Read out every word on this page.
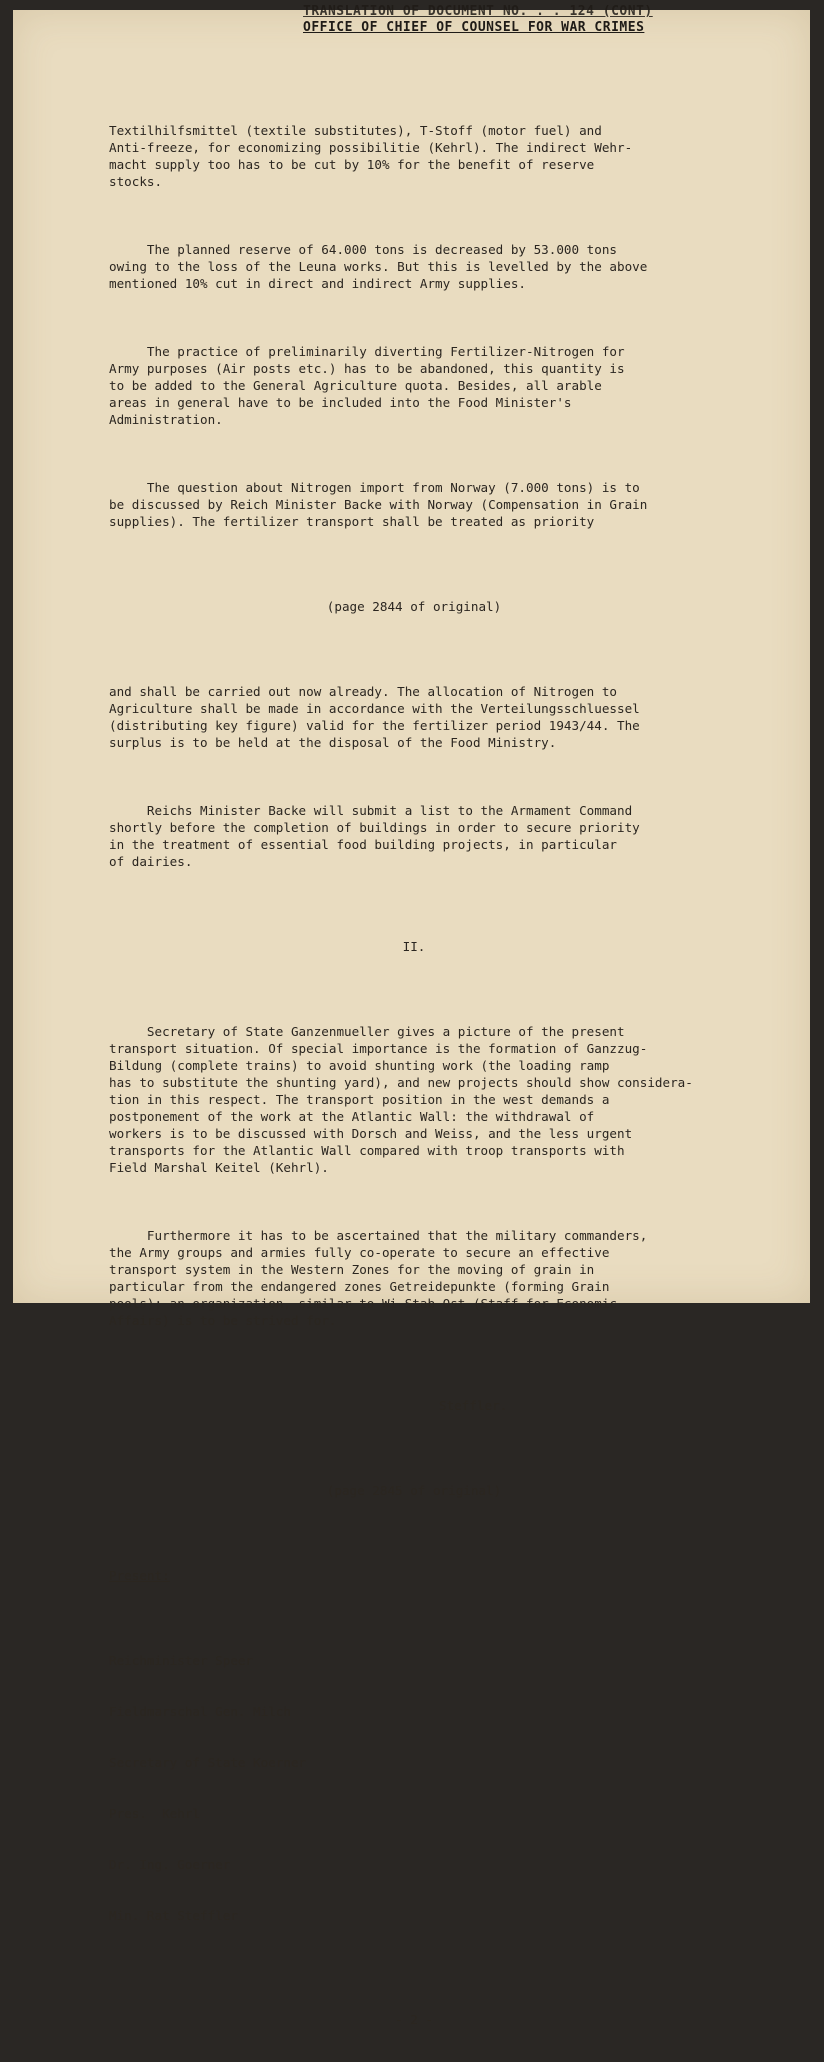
TRANSLATION OF DOCUMENT NO. . . 124 (CONT)
OFFICE OF CHIEF OF COUNSEL FOR WAR CRIMES

Textilhilfsmittel (textile substitutes), T-Stoff (motor fuel) and
Anti-freeze, for economizing possibilitie (Kehrl). The indirect Wehr-
macht supply too has to be cut by 10% for the benefit of reserve
stocks.

The planned reserve of 64.000 tons is decreased by 53.000 tons
owing to the loss of the Leuna works. But this is levelled by the above
mentioned 10% cut in direct and indirect Army supplies.

The practice of preliminarily diverting Fertilizer-Nitrogen for
Army purposes (Air posts etc.) has to be abandoned, this quantity is
to be added to the General Agriculture quota. Besides, all arable
areas in general have to be included into the Food Minister's
Administration.

The question about Nitrogen import from Norway (7.000 tons) is to
be discussed by Reich Minister Backe with Norway (Compensation in Grain
supplies). The fertilizer transport shall be treated as priority

(page 2844 of original)

and shall be carried out now already. The allocation of Nitrogen to
Agriculture shall be made in accordance with the Verteilungsschluessel
(distributing key figure) valid for the fertilizer period 1943/44. The
surplus is to be held at the disposal of the Food Ministry.

Reichs Minister Backe will submit a list to the Armament Command
shortly before the completion of buildings in order to secure priority
in the treatment of essential food building projects, in particular
of dairies.

II.

Secretary of State Ganzenmueller gives a picture of the present
transport situation. Of special importance is the formation of Ganzzug-
Bildung (complete trains) to avoid shunting work (the loading ramp
has to substitute the shunting yard), and new projects should show considera-
tion in this respect. The transport position in the west demands a
postponement of the work at the Atlantic Wall: the withdrawal of
workers is to be discussed with Dorsch and Weiss, and the less urgent
transports for the Atlantic Wall compared with troop transports with
Field Marshal Keitel (Kehrl).

Furthermore it has to be ascertained that the military commanders,
the Army groups and armies fully co-operate to secure an effective
transport system in the Western Zones for the moving of grain in
particular from the endangered zones Getreidepunkte (forming Grain
pools); an organization, similar to Wi-Stab Ost (Staff for Economic
Affairs) is to be strived for.

Steffler.

(page 2845 of original)

Present:

Reichminister Speer

Fieldmarschal Gen. Milch

Secretary of State Koerner

Pres.  Kehrl

Dr. Ing. Goerner

Min. Rat Steffler

- 2 -
